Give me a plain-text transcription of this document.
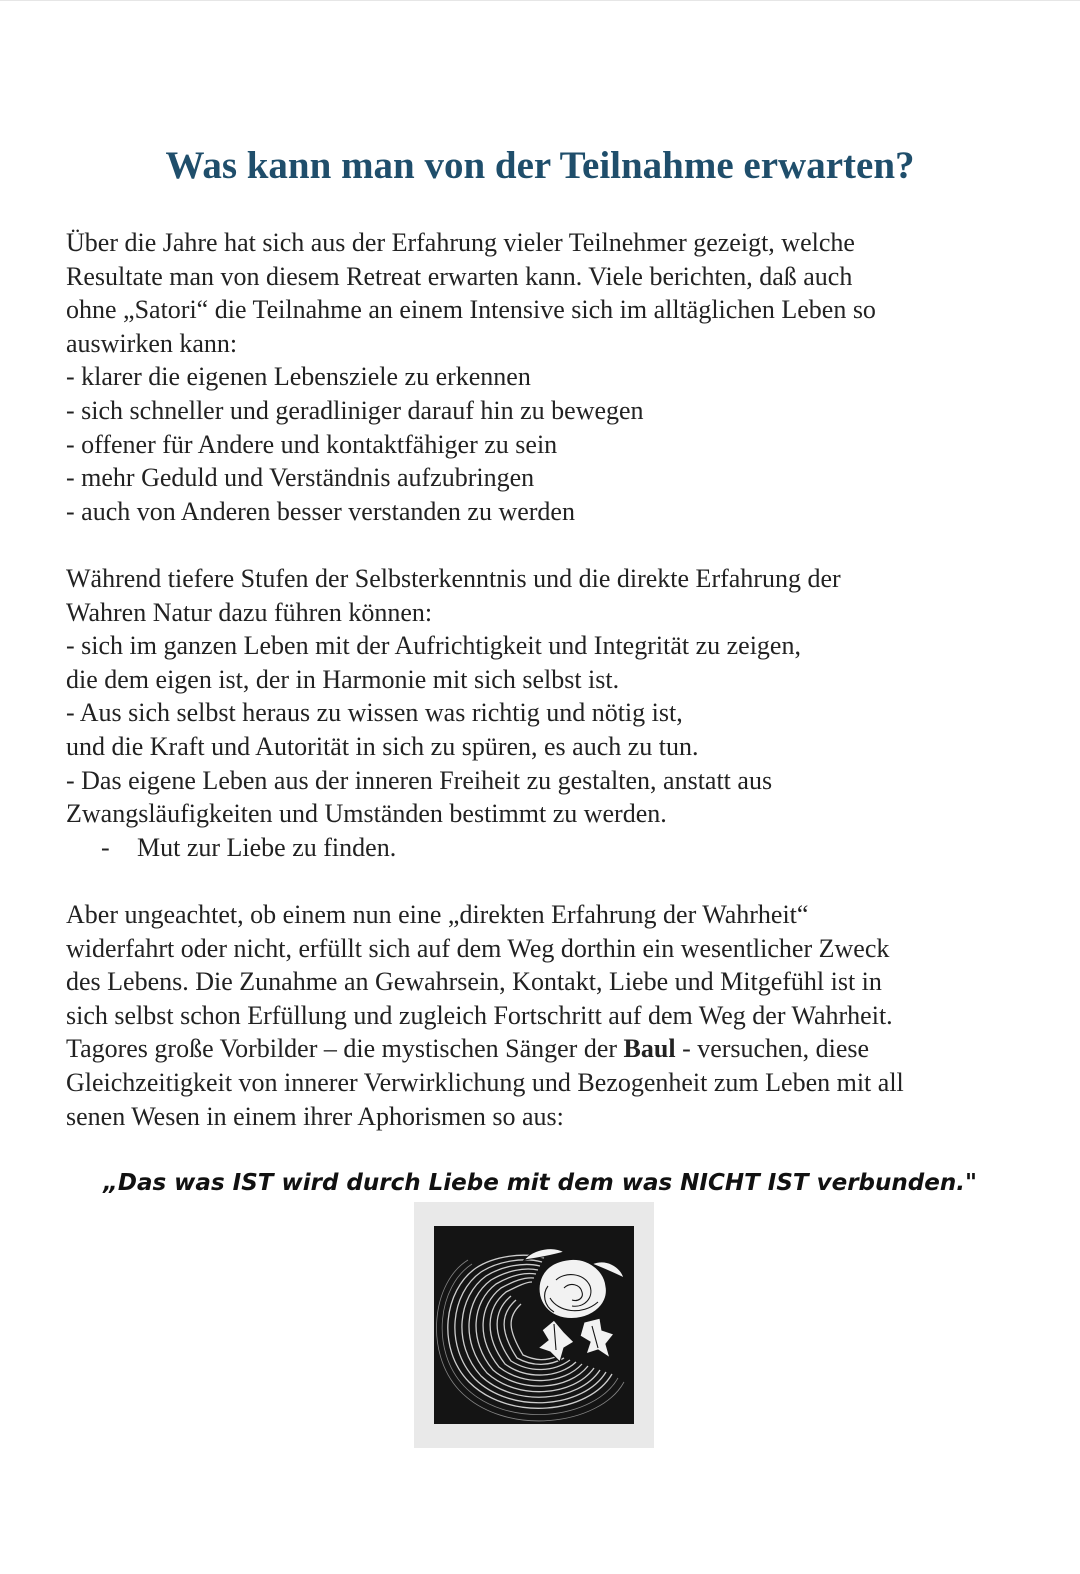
Was kann man von der Teilnahme erwarten?
Über die Jahre hat sich aus der Erfahrung vieler Teilnehmer gezeigt, welche
Resultate man von diesem Retreat erwarten kann. Viele berichten, daß auch
ohne „Satori“ die Teilnahme an einem Intensive sich im alltäglichen Leben so
auswirken kann:
- klarer die eigenen Lebensziele zu erkennen
- sich schneller und geradliniger darauf hin zu bewegen
- offener für Andere und kontaktfähiger zu sein
- mehr Geduld und Verständnis aufzubringen
- auch von Anderen besser verstanden zu werden
Während tiefere Stufen der Selbsterkenntnis und die direkte Erfahrung der
Wahren Natur dazu führen können:
- sich im ganzen Leben mit der Aufrichtigkeit und Integrität zu zeigen,
die dem eigen ist, der in Harmonie mit sich selbst ist.
- Aus sich selbst heraus zu wissen was richtig und nötig ist,
und die Kraft und Autorität in sich zu spüren, es auch zu tun.
- Das eigene Leben aus der inneren Freiheit zu gestalten, anstatt aus
Zwangsläufigkeiten und Umständen bestimmt zu werden.
- Mut zur Liebe zu finden.
Aber ungeachtet, ob einem nun eine „direkten Erfahrung der Wahrheit“
widerfahrt oder nicht, erfüllt sich auf dem Weg dorthin ein wesentlicher Zweck
des Lebens. Die Zunahme an Gewahrsein, Kontakt, Liebe und Mitgefühl ist in
sich selbst schon Erfüllung und zugleich Fortschritt auf dem Weg der Wahrheit.
Tagores große Vorbilder – die mystischen Sänger der Baul - versuchen, diese
Gleichzeitigkeit von innerer Verwirklichung und Bezogenheit zum Leben mit all
senen Wesen in einem ihrer Aphorismen so aus:
„Das was IST wird durch Liebe mit dem was NICHT IST verbunden."
